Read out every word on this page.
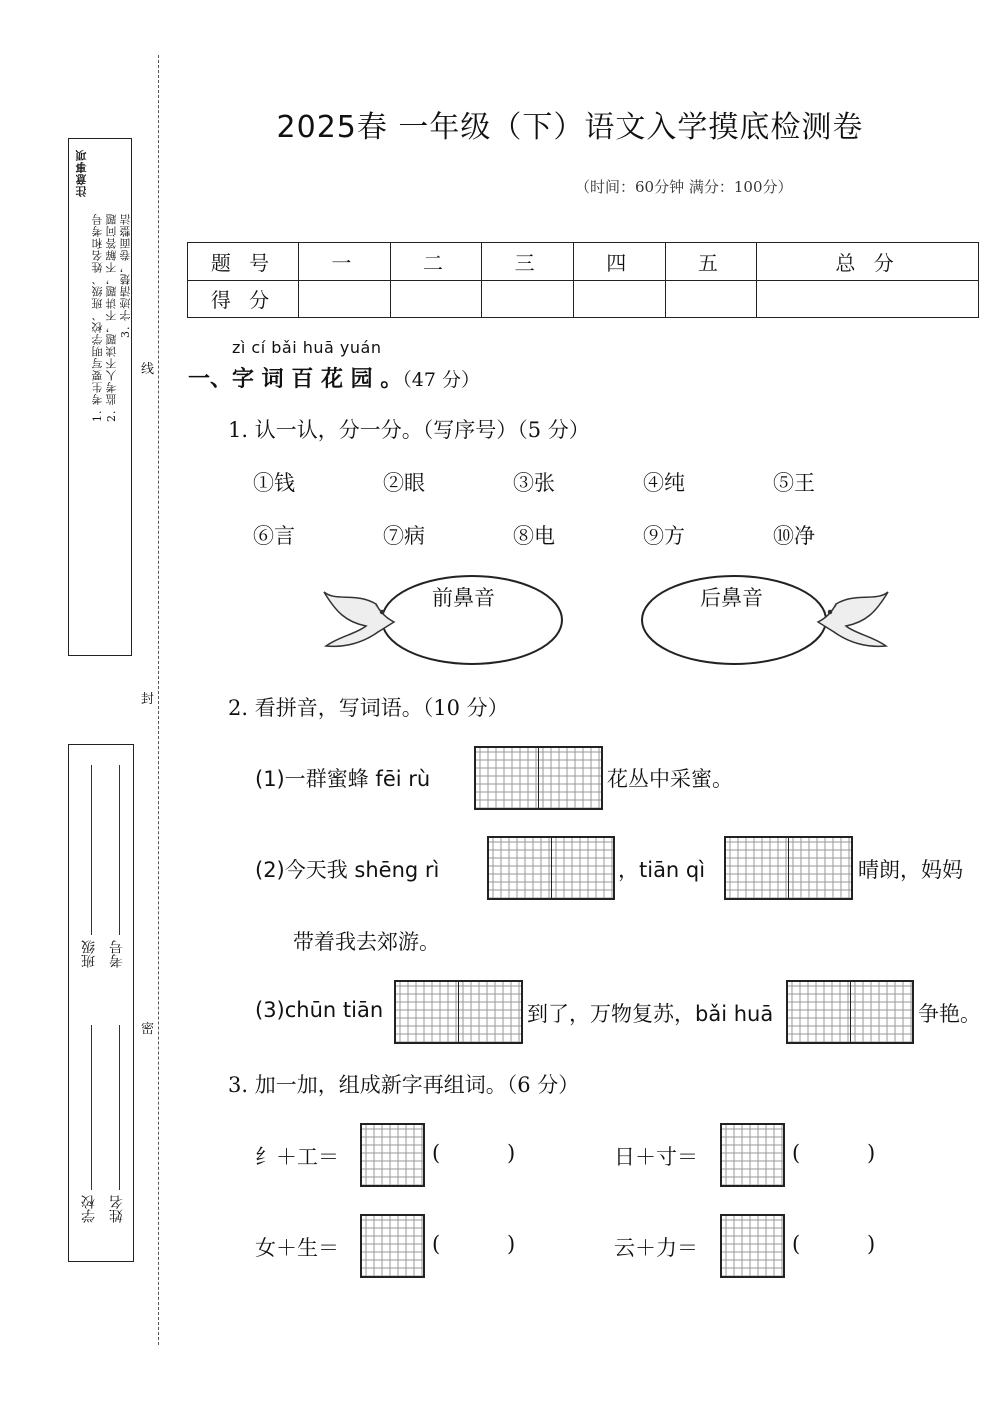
注意事项
1. 考生要写明学校、班级、姓名和考号 2. 监考人不读题，不讲题，不解答问题 3. 字迹清楚，卷面整洁
线
封
密
班级 考号
学校 姓名
2025春 一年级（下）语文入学摸底检测卷
（时间：60分钟 满分：100分）
题 号	一	二	三	四	五	总 分
得 分						
zì cí bǎi huā yuán
一、字 词 百 花 园 。（47 分）
1. 认一认，分一分。（写序号）（5 分）
①钱	②眼	③张	④纯	⑤王
⑥言	⑦病	⑧电	⑨方	⑩净
前鼻音	后鼻音
2. 看拼音，写词语。（10 分）
(1)一群蜜蜂 fēi rù	花丛中采蜜。
(2)今天我 shēng rì	，tiān qì	晴朗，妈妈
带着我去郊游。
(3)chūn tiān	到了，万物复苏，bǎi huā	争艳。
3. 加一加，组成新字再组词。（6 分）
纟＋工＝	(          )	日＋寸＝	(          )
女＋生＝	(          )	云＋力＝	(          )
